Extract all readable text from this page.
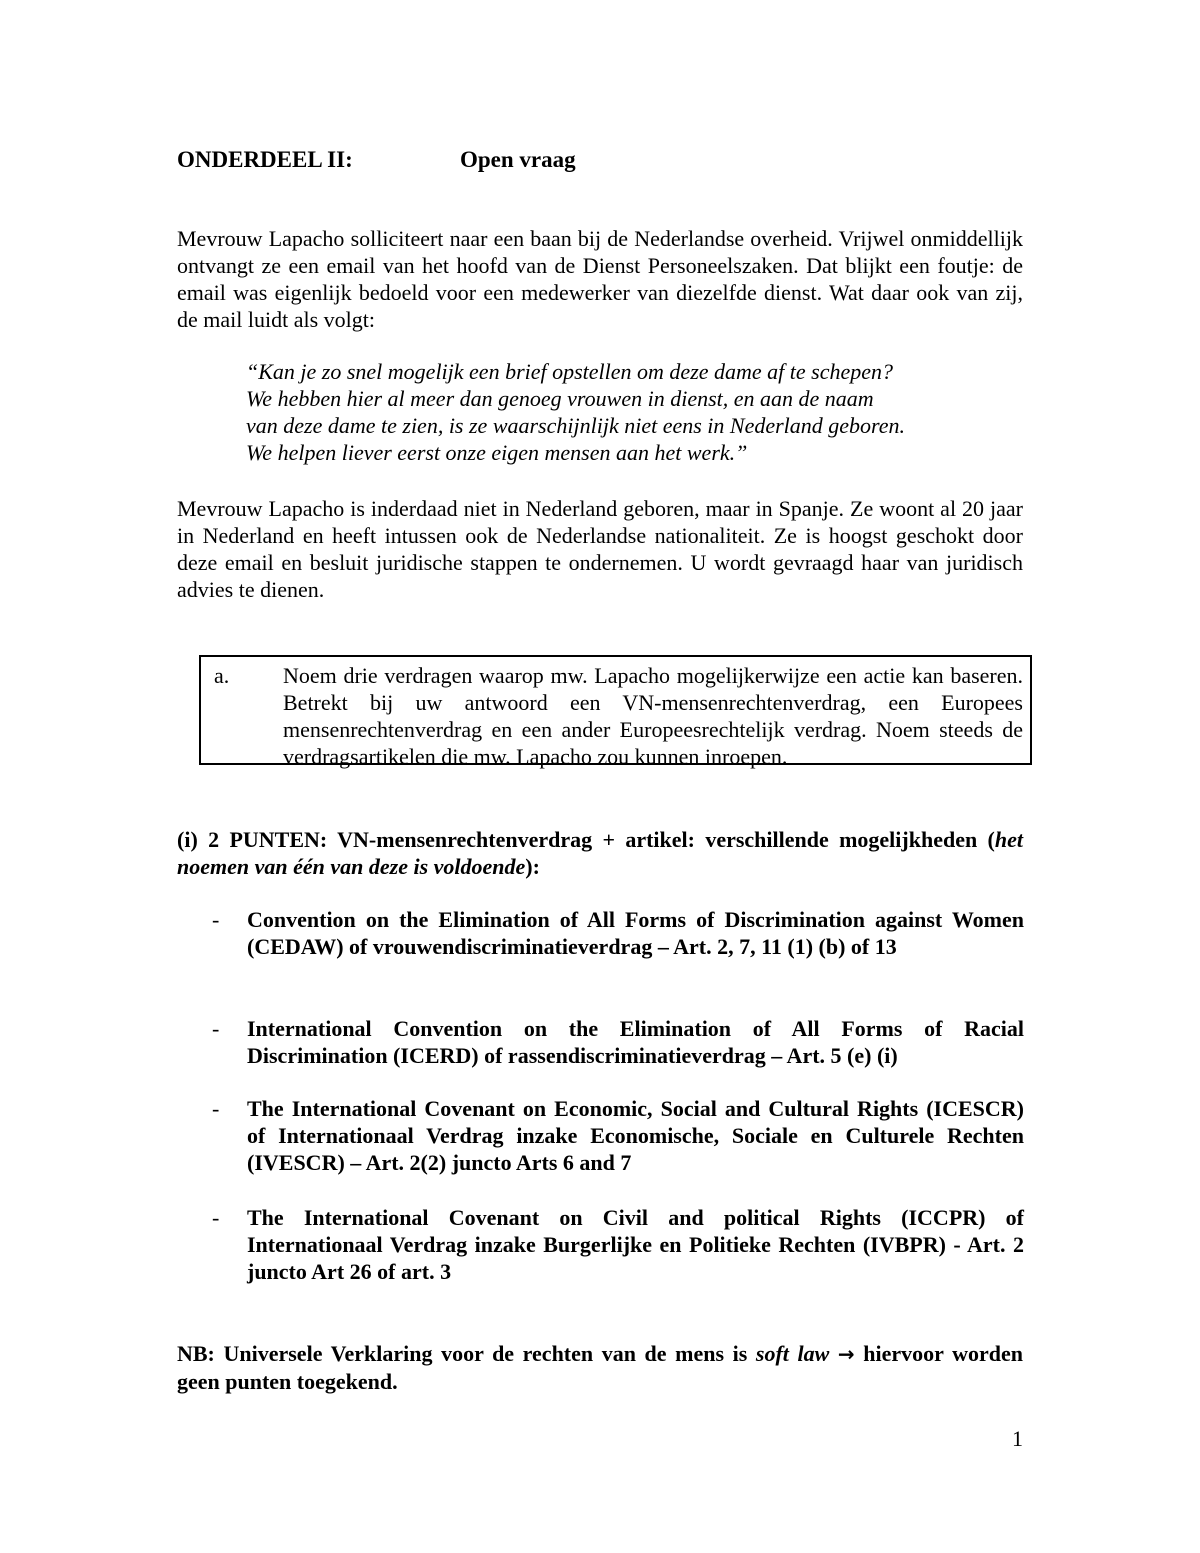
ONDERDEEL II:	Open vraag
Mevrouw Lapacho solliciteert naar een baan bij de Nederlandse overheid. Vrijwel onmiddellijk ontvangt ze een email van het hoofd van de Dienst Personeelszaken. Dat blijkt een foutje: de email was eigenlijk bedoeld voor een medewerker van diezelfde dienst. Wat daar ook van zij, de mail luidt als volgt:
“Kan je zo snel mogelijk een brief opstellen om deze dame af te schepen?
We hebben hier al meer dan genoeg vrouwen in dienst, en aan de naam
van deze dame te zien, is ze waarschijnlijk niet eens in Nederland geboren.
We helpen liever eerst onze eigen mensen aan het werk.”
Mevrouw Lapacho is inderdaad niet in Nederland geboren, maar in Spanje. Ze woont al 20 jaar in Nederland en heeft intussen ook de Nederlandse nationaliteit. Ze is hoogst geschokt door deze email en besluit juridische stappen te ondernemen. U wordt gevraagd haar van juridisch advies te dienen.
a. Noem drie verdragen waarop mw. Lapacho mogelijkerwijze een actie kan baseren. Betrekt bij uw antwoord een VN-mensenrechtenverdrag, een Europees mensenrechtenverdrag en een ander Europeesrechtelijk verdrag. Noem steeds de verdragsartikelen die mw. Lapacho zou kunnen inroepen.
(i) 2 PUNTEN: VN-mensenrechtenverdrag + artikel: verschillende mogelijkheden (het noemen van één van deze is voldoende):
- Convention on the Elimination of All Forms of Discrimination against Women (CEDAW) of vrouwendiscriminatieverdrag – Art. 2, 7, 11 (1) (b) of 13
- International Convention on the Elimination of All Forms of Racial Discrimination (ICERD) of rassendiscriminatieverdrag – Art. 5 (e) (i)
- The International Covenant on Economic, Social and Cultural Rights (ICESCR) of Internationaal Verdrag inzake Economische, Sociale en Culturele Rechten (IVESCR) – Art. 2(2) juncto Arts 6 and 7
- The International Covenant on Civil and political Rights (ICCPR) of Internationaal Verdrag inzake Burgerlijke en Politieke Rechten (IVBPR) - Art. 2 juncto Art 26 of art. 3
NB: Universele Verklaring voor de rechten van de mens is soft law → hiervoor worden geen punten toegekend.
1
